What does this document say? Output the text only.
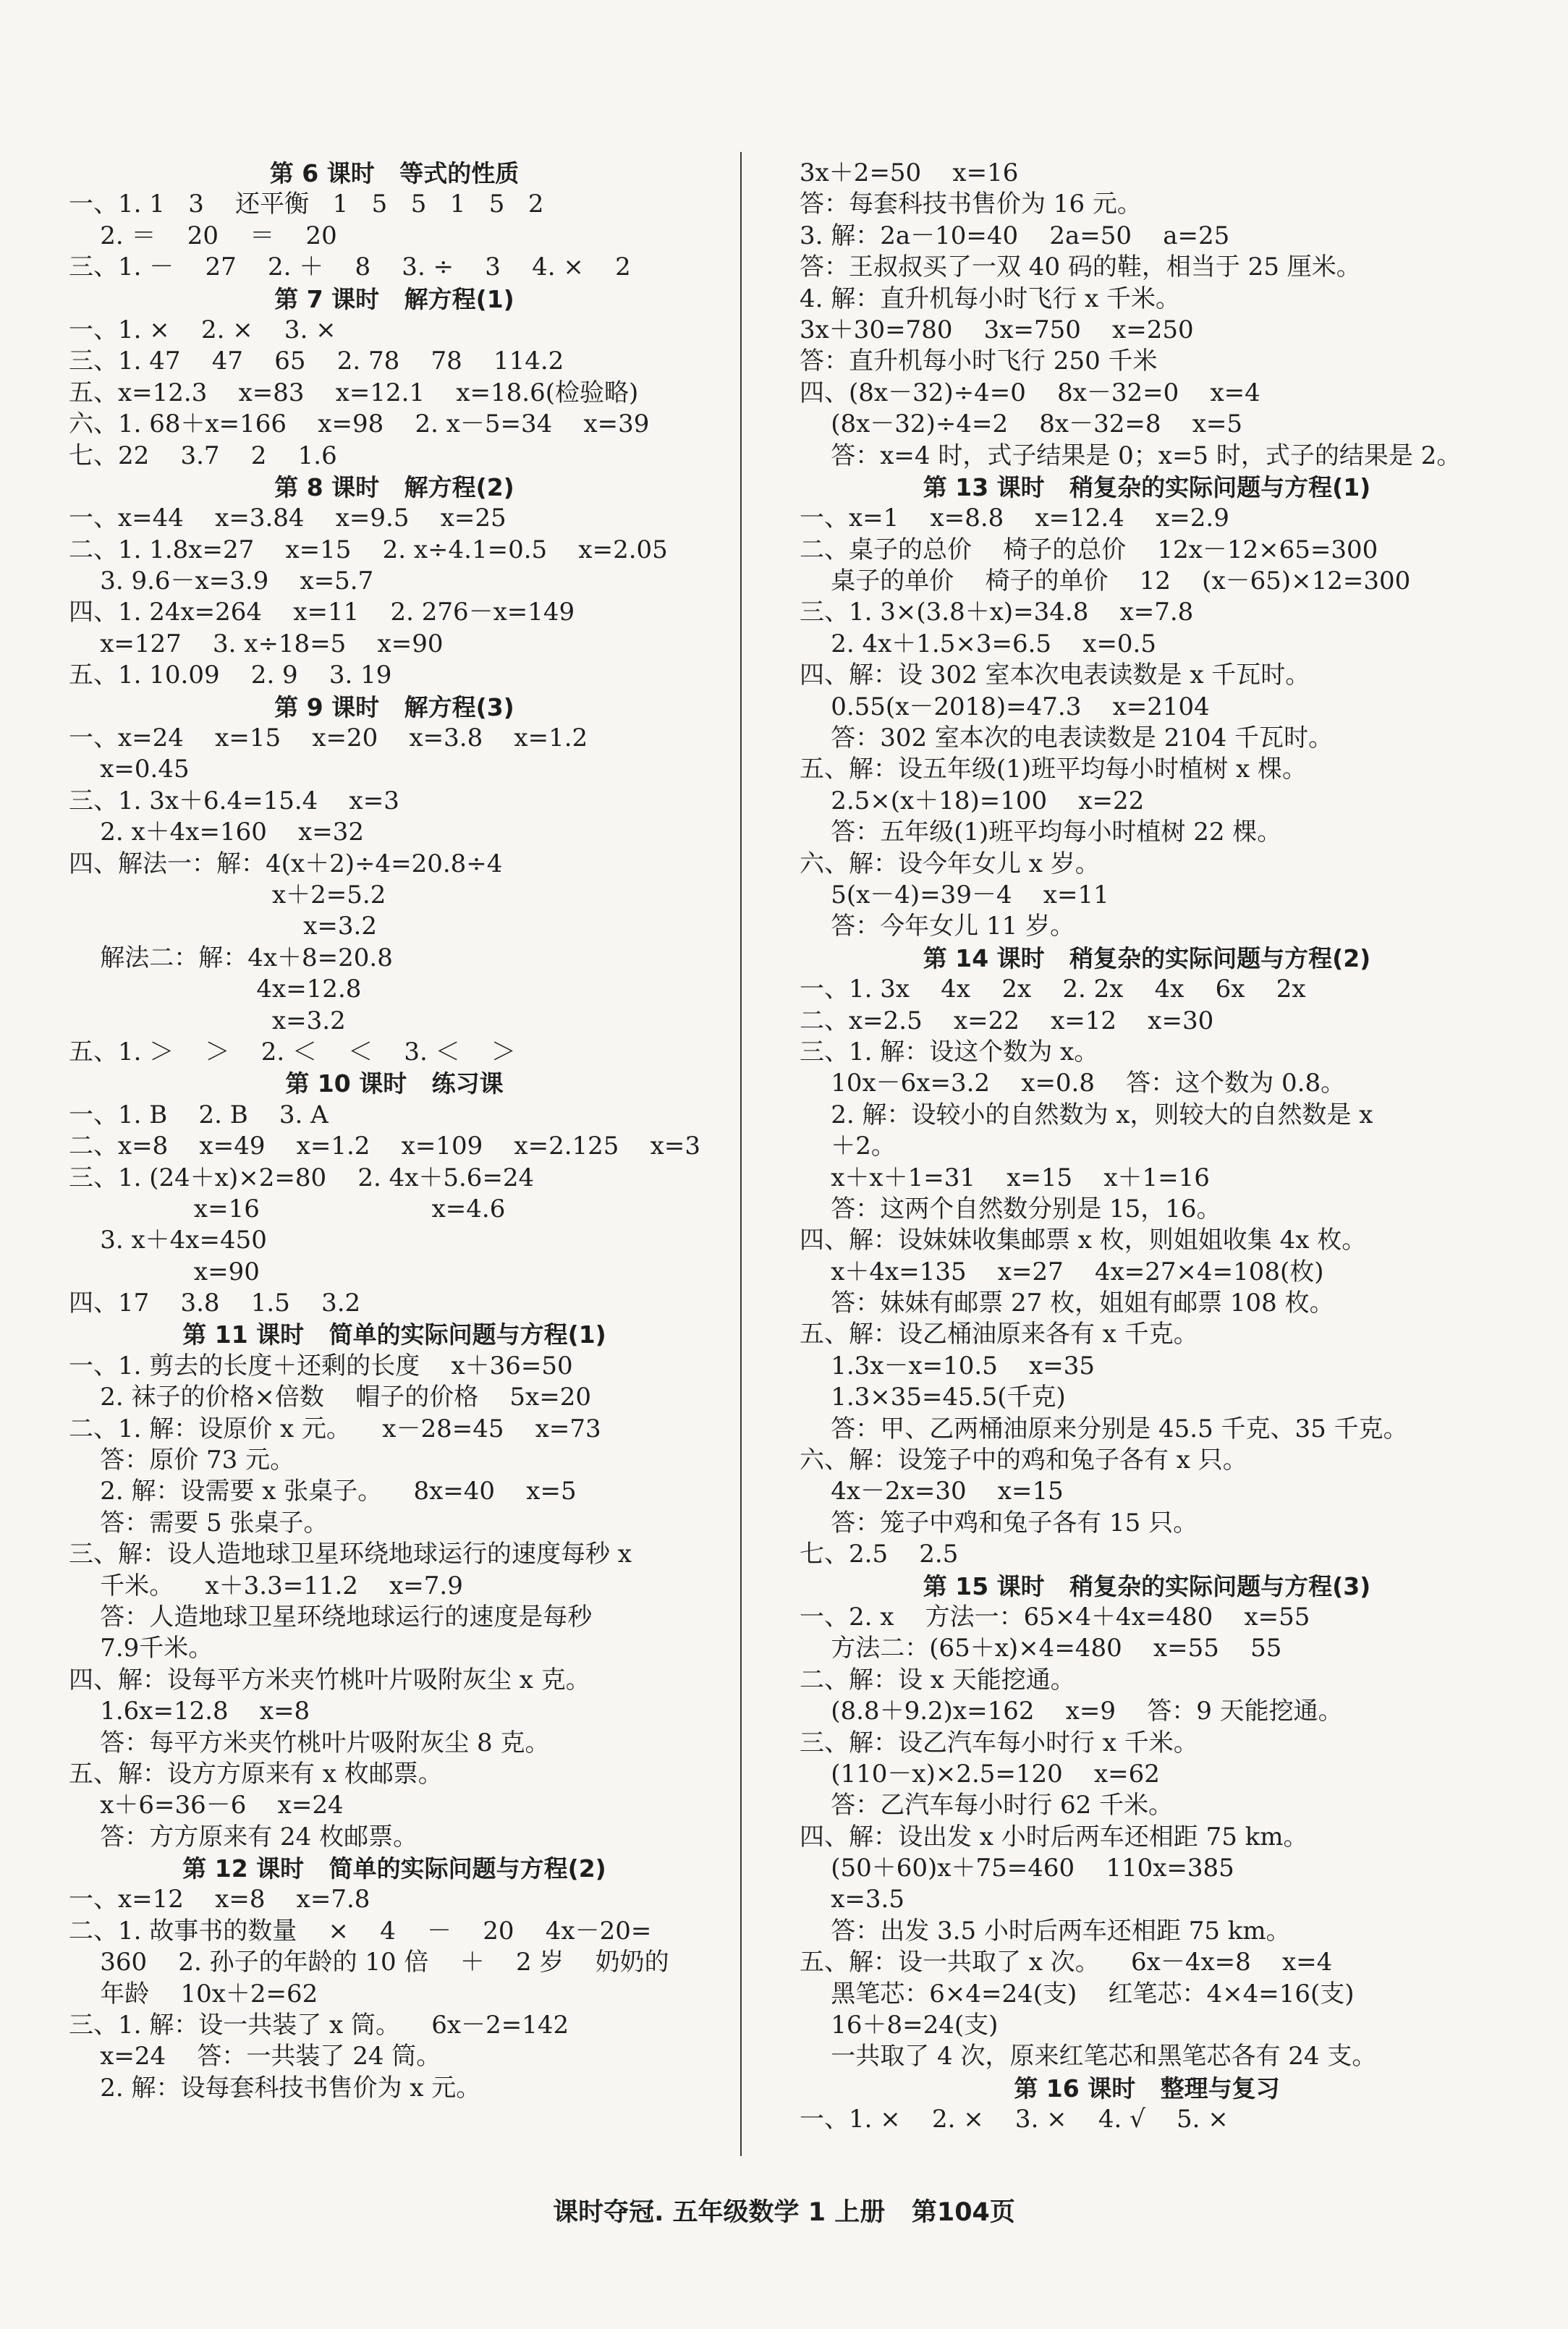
第 6 课时   等式的性质
一、1. 1   3    还平衡   1   5   5   1   5   2
2. ＝    20    ＝    20
三、1. －    27    2. ＋    8    3. ÷    3    4. ×    2
第 7 课时   解方程(1)
一、1. ×    2. ×    3. ×
三、1. 47    47    65    2. 78    78    114.2
五、x=12.3    x=83    x=12.1    x=18.6(检验略)
六、1. 68＋x=166    x=98    2. x－5=34    x=39
七、22    3.7    2    1.6
第 8 课时   解方程(2)
一、x=44    x=3.84    x=9.5    x=25
二、1. 1.8x=27    x=15    2. x÷4.1=0.5    x=2.05
3. 9.6－x=3.9    x=5.7
四、1. 24x=264    x=11    2. 276－x=149
x=127    3. x÷18=5    x=90
五、1. 10.09    2. 9    3. 19
第 9 课时   解方程(3)
一、x=24    x=15    x=20    x=3.8    x=1.2
x=0.45
三、1. 3x＋6.4=15.4    x=3
2. x＋4x=160    x=32
四、解法一：解：4(x＋2)÷4=20.8÷4
x＋2=5.2
x=3.2
解法二：解：4x＋8=20.8
4x=12.8
x=3.2
五、1. ＞    ＞    2. ＜    ＜    3. ＜    ＞
第 10 课时   练习课
一、1. B    2. B    3. A
二、x=8    x=49    x=1.2    x=109    x=2.125    x=3
三、1. (24＋x)×2=80    2. 4x＋5.6=24
x=16                      x=4.6
3. x＋4x=450
x=90
四、17    3.8    1.5    3.2
第 11 课时   简单的实际问题与方程(1)
一、1. 剪去的长度＋还剩的长度    x＋36=50
2. 袜子的价格×倍数    帽子的价格    5x=20
二、1. 解：设原价 x 元。    x－28=45    x=73
答：原价 73 元。
2. 解：设需要 x 张桌子。    8x=40    x=5
答：需要 5 张桌子。
三、解：设人造地球卫星环绕地球运行的速度每秒 x
千米。    x＋3.3=11.2    x=7.9
答：人造地球卫星环绕地球运行的速度是每秒
7.9千米。
四、解：设每平方米夹竹桃叶片吸附灰尘 x 克。
1.6x=12.8    x=8
答：每平方米夹竹桃叶片吸附灰尘 8 克。
五、解：设方方原来有 x 枚邮票。
x＋6=36－6    x=24
答：方方原来有 24 枚邮票。
第 12 课时   简单的实际问题与方程(2)
一、x=12    x=8    x=7.8
二、1. 故事书的数量    ×    4    －    20    4x－20=
360    2. 孙子的年龄的 10 倍    ＋    2 岁    奶奶的
年龄    10x＋2=62
三、1. 解：设一共装了 x 筒。    6x－2=142
x=24    答：一共装了 24 筒。
2. 解：设每套科技书售价为 x 元。
3x＋2=50    x=16
答：每套科技书售价为 16 元。
3. 解：2a－10=40    2a=50    a=25
答：王叔叔买了一双 40 码的鞋，相当于 25 厘米。
4. 解：直升机每小时飞行 x 千米。
3x＋30=780    3x=750    x=250
答：直升机每小时飞行 250 千米
四、(8x－32)÷4=0    8x－32=0    x=4
(8x－32)÷4=2    8x－32=8    x=5
答：x=4 时，式子结果是 0；x=5 时，式子的结果是 2。
第 13 课时   稍复杂的实际问题与方程(1)
一、x=1    x=8.8    x=12.4    x=2.9
二、桌子的总价    椅子的总价    12x－12×65=300
桌子的单价    椅子的单价    12    (x－65)×12=300
三、1. 3×(3.8＋x)=34.8    x=7.8
2. 4x＋1.5×3=6.5    x=0.5
四、解：设 302 室本次电表读数是 x 千瓦时。
0.55(x－2018)=47.3    x=2104
答：302 室本次的电表读数是 2104 千瓦时。
五、解：设五年级(1)班平均每小时植树 x 棵。
2.5×(x＋18)=100    x=22
答：五年级(1)班平均每小时植树 22 棵。
六、解：设今年女儿 x 岁。
5(x－4)=39－4    x=11
答：今年女儿 11 岁。
第 14 课时   稍复杂的实际问题与方程(2)
一、1. 3x    4x    2x    2. 2x    4x    6x    2x
二、x=2.5    x=22    x=12    x=30
三、1. 解：设这个数为 x。
10x－6x=3.2    x=0.8    答：这个数为 0.8。
2. 解：设较小的自然数为 x，则较大的自然数是 x
＋2。
x＋x＋1=31    x=15    x＋1=16
答：这两个自然数分别是 15，16。
四、解：设妹妹收集邮票 x 枚，则姐姐收集 4x 枚。
x＋4x=135    x=27    4x=27×4=108(枚)
答：妹妹有邮票 27 枚，姐姐有邮票 108 枚。
五、解：设乙桶油原来各有 x 千克。
1.3x－x=10.5    x=35
1.3×35=45.5(千克)
答：甲、乙两桶油原来分别是 45.5 千克、35 千克。
六、解：设笼子中的鸡和兔子各有 x 只。
4x－2x=30    x=15
答：笼子中鸡和兔子各有 15 只。
七、2.5    2.5
第 15 课时   稍复杂的实际问题与方程(3)
一、2. x    方法一：65×4＋4x=480    x=55
方法二：(65＋x)×4=480    x=55    55
二、解：设 x 天能挖通。
(8.8＋9.2)x=162    x=9    答：9 天能挖通。
三、解：设乙汽车每小时行 x 千米。
(110－x)×2.5=120    x=62
答：乙汽车每小时行 62 千米。
四、解：设出发 x 小时后两车还相距 75 km。
(50＋60)x＋75=460    110x=385
x=3.5
答：出发 3.5 小时后两车还相距 75 km。
五、解：设一共取了 x 次。    6x－4x=8    x=4
黑笔芯：6×4=24(支)    红笔芯：4×4=16(支)
16＋8=24(支)
一共取了 4 次，原来红笔芯和黑笔芯各有 24 支。
第 16 课时   整理与复习
一、1. ×    2. ×    3. ×    4. √    5. ×
课时夺冠. 五年级数学 1 上册   第104页
